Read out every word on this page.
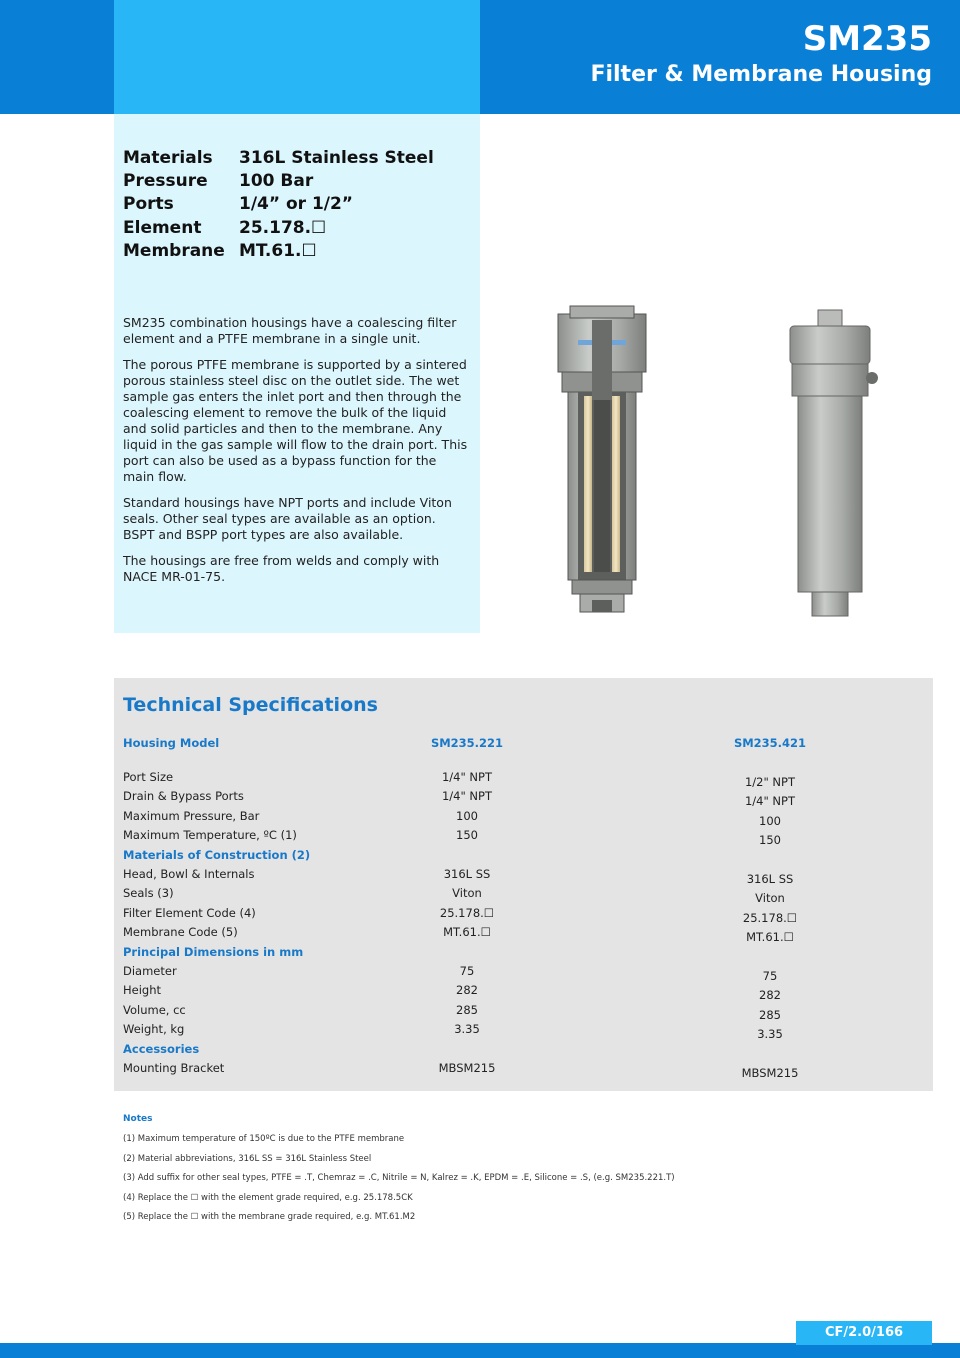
SM235
Filter & Membrane Housing
Materials	316L Stainless Steel
Pressure	100 Bar
Ports	1/4” or 1/2”
Element	25.178.☐
Membrane MT.61.☐

SM235 combination housings have a coalescing filter element and a PTFE membrane in a single unit.

The porous PTFE membrane is supported by a sintered porous stainless steel disc on the outlet side. The wet sample gas enters the inlet port and then through the coalescing element to remove the bulk of the liquid and solid particles and then to the membrane. Any liquid in the gas sample will flow to the drain port. This port can also be used as a bypass function for the main flow.

Standard housings have NPT ports and include Viton seals. Other seal types are available as an option. BSPT and BSPP port types are also available.

The housings are free from welds and comply with NACE MR-01-75.

Technical Specifications
Housing Model	SM235.221	SM235.421
Port Size	1/4" NPT	1/2" NPT
Drain & Bypass Ports	1/4" NPT	1/4" NPT
Maximum Pressure, Bar	100	100
Maximum Temperature, ºC (1)	150	150
Materials of Construction (2)
Head, Bowl & Internals	316L SS	316L SS
Seals (3)	Viton	Viton
Filter Element Code (4)	25.178.☐	25.178.☐
Membrane Code (5)	MT.61.☐	MT.61.☐
Principal Dimensions in mm
Diameter	75	75
Height	282	282
Volume, cc	285	285
Weight, kg	3.35	3.35
Accessories
Mounting Bracket	MBSM215	MBSM215
Notes
(1) Maximum temperature of 150ºC is due to the PTFE membrane
(2) Material abbreviations, 316L SS = 316L Stainless Steel
(3) Add suffix for other seal types, PTFE = .T, Chemraz = .C, Nitrile = N, Kalrez = .K, EPDM = .E, Silicone = .S, (e.g. SM235.221.T)
(4) Replace the ☐ with the element grade required, e.g. 25.178.5CK
(5) Replace the ☐ with the membrane grade required, e.g. MT.61.M2
CF/2.0/166
